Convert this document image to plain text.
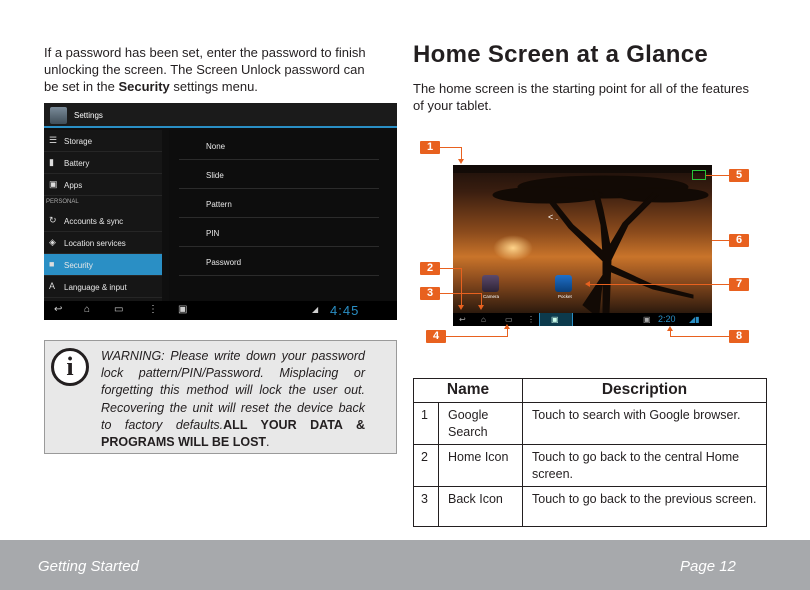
If a password has been set, enter the password to finish unlocking the screen. The Screen Unlock password can be set in the Security settings menu.

Settings
☰ Storage
▮	Battery
▣ Apps
PERSONAL
↻ Accounts & sync
◈ Location services
■	Security
A	Language & input
None
Slide
Pattern
PIN
Password
↩ ⌂ ▭ ⋮ ▣	◢ 4:45
i	WARNING: Please write down your password lock pattern/PIN/Password. Misplacing or forgetting this method will lock the user out. Recovering the unit will reset the device back to factory defaults.ALL YOUR DATA & PROGRAMS WILL BE LOST.

Home Screen at a Glance

The home screen is the starting point for all of the features of your tablet.

< .
Camera	Pocket
↩ ⌂ ▭ ⋮ ▣	▣ 2:20 ◢▮
1
5
6
2
3
7
4	8
Name		Description
1	Google Search	Touch to search with Google browser.
2	Home Icon	Touch to go back to the central Home screen.
3	Back Icon	Touch to go back to the previous screen.
Getting Started	Page 12
